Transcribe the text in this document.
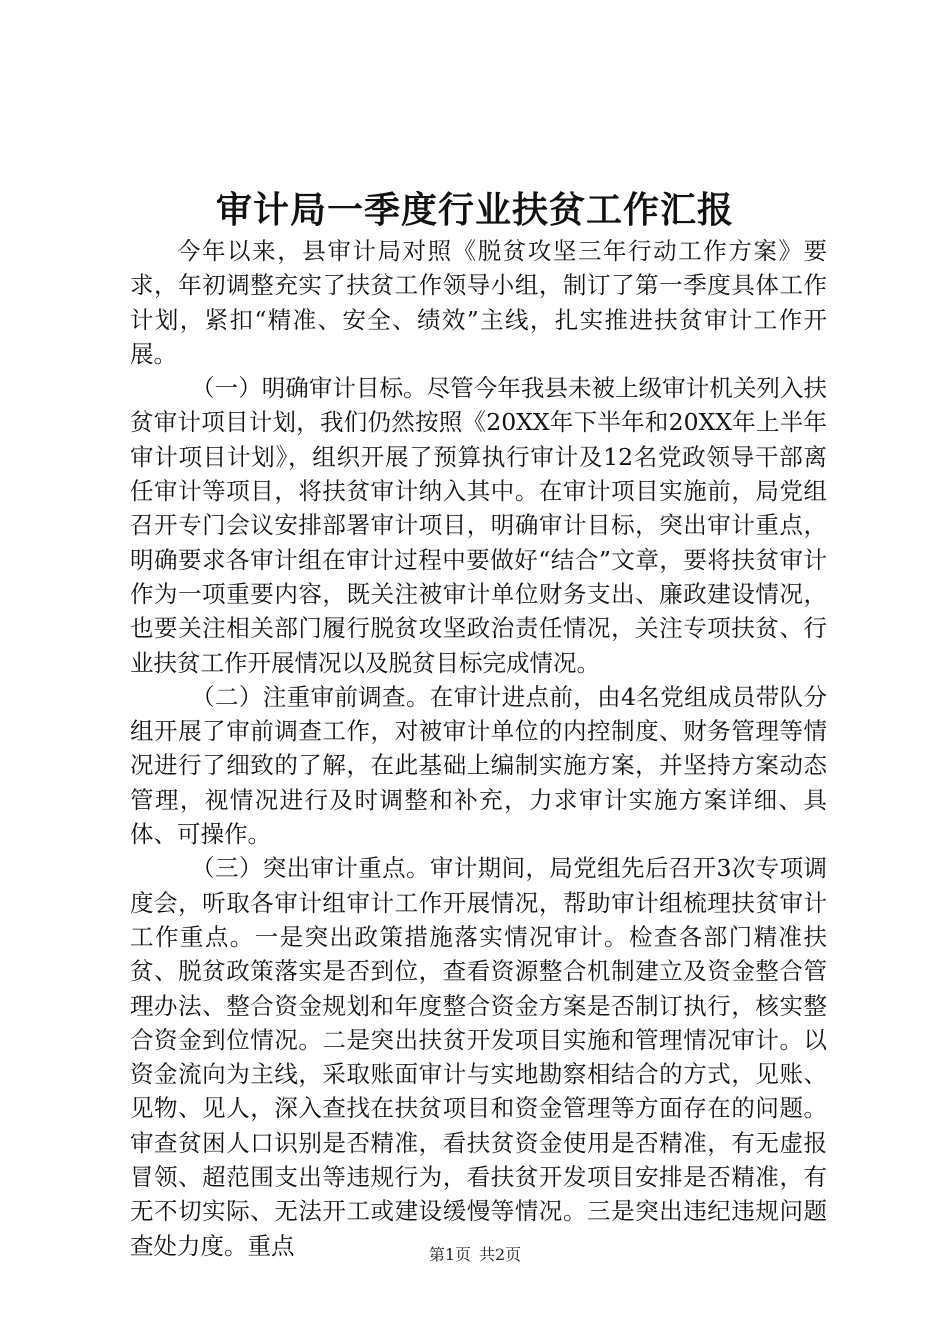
审计局一季度行业扶贫工作汇报

今年以来，县审计局对照《脱贫攻坚三年行动工作方案》要求，年初调整充实了扶贫工作领导小组，制订了第一季度具体工作计划，紧扣“精准、安全、绩效”主线，扎实推进扶贫审计工作开展。

（一）明确审计目标。尽管今年我县未被上级审计机关列入扶贫审计项目计划，我们仍然按照《20XX年下半年和20XX年上半年审计项目计划》，组织开展了预算执行审计及12名党政领导干部离任审计等项目，将扶贫审计纳入其中。在审计项目实施前，局党组召开专门会议安排部署审计项目，明确审计目标，突出审计重点，明确要求各审计组在审计过程中要做好“结合”文章，要将扶贫审计作为一项重要内容，既关注被审计单位财务支出、廉政建设情况，也要关注相关部门履行脱贫攻坚政治责任情况，关注专项扶贫、行业扶贫工作开展情况以及脱贫目标完成情况。

（二）注重审前调查。在审计进点前，由4名党组成员带队分组开展了审前调查工作，对被审计单位的内控制度、财务管理等情况进行了细致的了解，在此基础上编制实施方案，并坚持方案动态管理，视情况进行及时调整和补充，力求审计实施方案详细、具体、可操作。

（三）突出审计重点。审计期间，局党组先后召开3次专项调度会，听取各审计组审计工作开展情况，帮助审计组梳理扶贫审计工作重点。一是突出政策措施落实情况审计。检查各部门精准扶贫、脱贫政策落实是否到位，查看资源整合机制建立及资金整合管理办法、整合资金规划和年度整合资金方案是否制订执行，核实整合资金到位情况。二是突出扶贫开发项目实施和管理情况审计。以资金流向为主线，采取账面审计与实地勘察相结合的方式，见账、见物、见人，深入查找在扶贫项目和资金管理等方面存在的问题。审查贫困人口识别是否精准，看扶贫资金使用是否精准，有无虚报冒领、超范围支出等违规行为，看扶贫开发项目安排是否精准，有无不切实际、无法开工或建设缓慢等情况。三是突出违纪违规问题查处力度。重点	第1页 共2页
